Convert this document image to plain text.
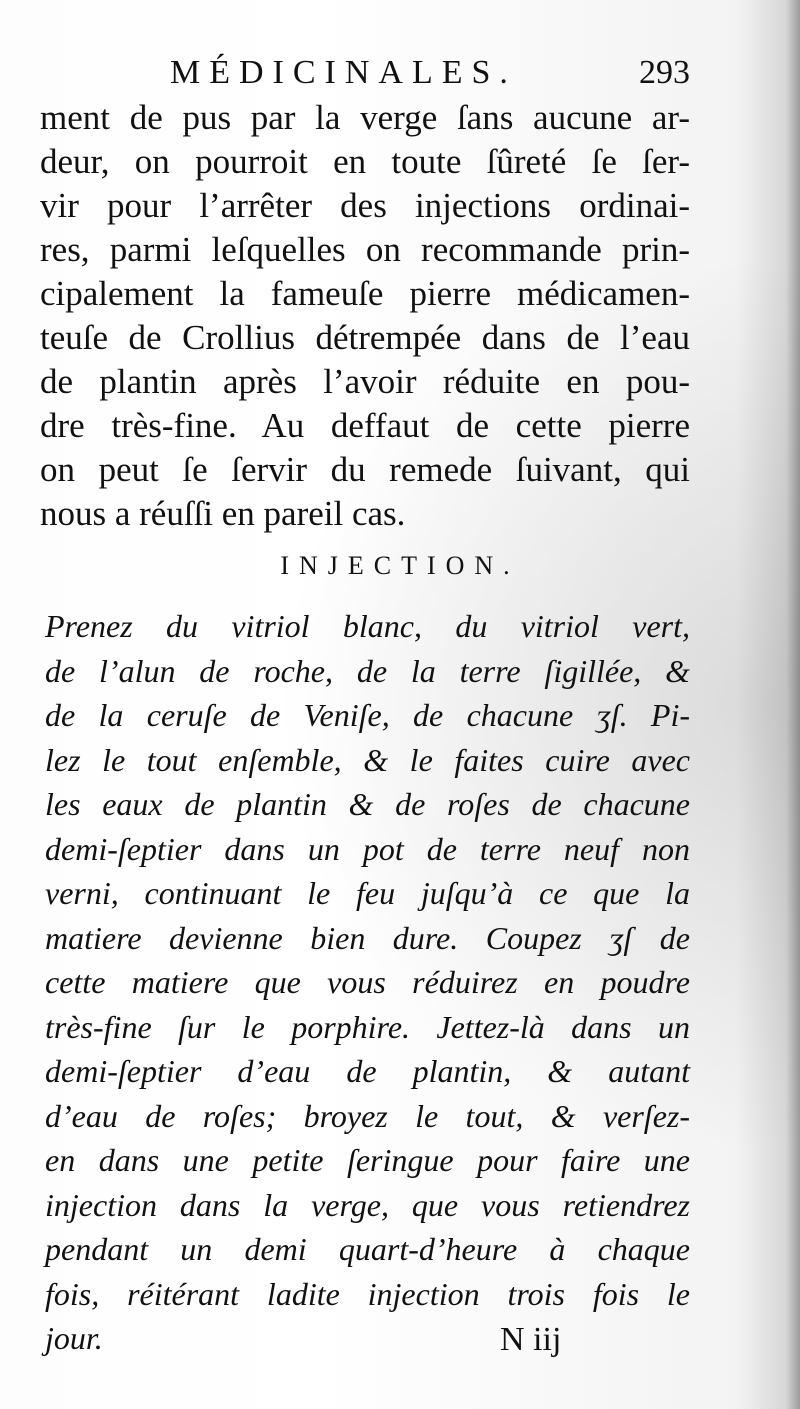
MÉDICINALES.	293
ment de pus par la verge ſans aucune ar-
deur, on pourroit en toute ſûreté ſe ſer-
vir pour l’arrêter des injections ordinai-
res, parmi leſquelles on recommande prin-
cipalement la fameuſe pierre médicamen-
teuſe de Crollius détrempée dans de l’eau
de plantin après l’avoir réduite en pou-
dre très-fine. Au deffaut de cette pierre
on peut ſe ſervir du remede ſuivant, qui
nous a réuſſi en pareil cas.
INJECTION.
Prenez du vitriol blanc, du vitriol vert,
de l’alun de roche, de la terre ſigillée, &
de la ceruſe de Veniſe, de chacune ʒſ. Pi-
lez le tout enſemble, & le faites cuire avec
les eaux de plantin & de roſes de chacune
demi-ſeptier dans un pot de terre neuf non
verni, continuant le feu juſqu’à ce que la
matiere devienne bien dure. Coupez ʒſ de
cette matiere que vous réduirez en poudre
très-fine ſur le porphire. Jettez-là dans un
demi-ſeptier d’eau de plantin, & autant
d’eau de roſes; broyez le tout, & verſez-
en dans une petite ſeringue pour faire une
injection dans la verge, que vous retiendrez
pendant un demi quart-d’heure à chaque
fois, réitérant ladite injection trois fois le
jour.	N iij
